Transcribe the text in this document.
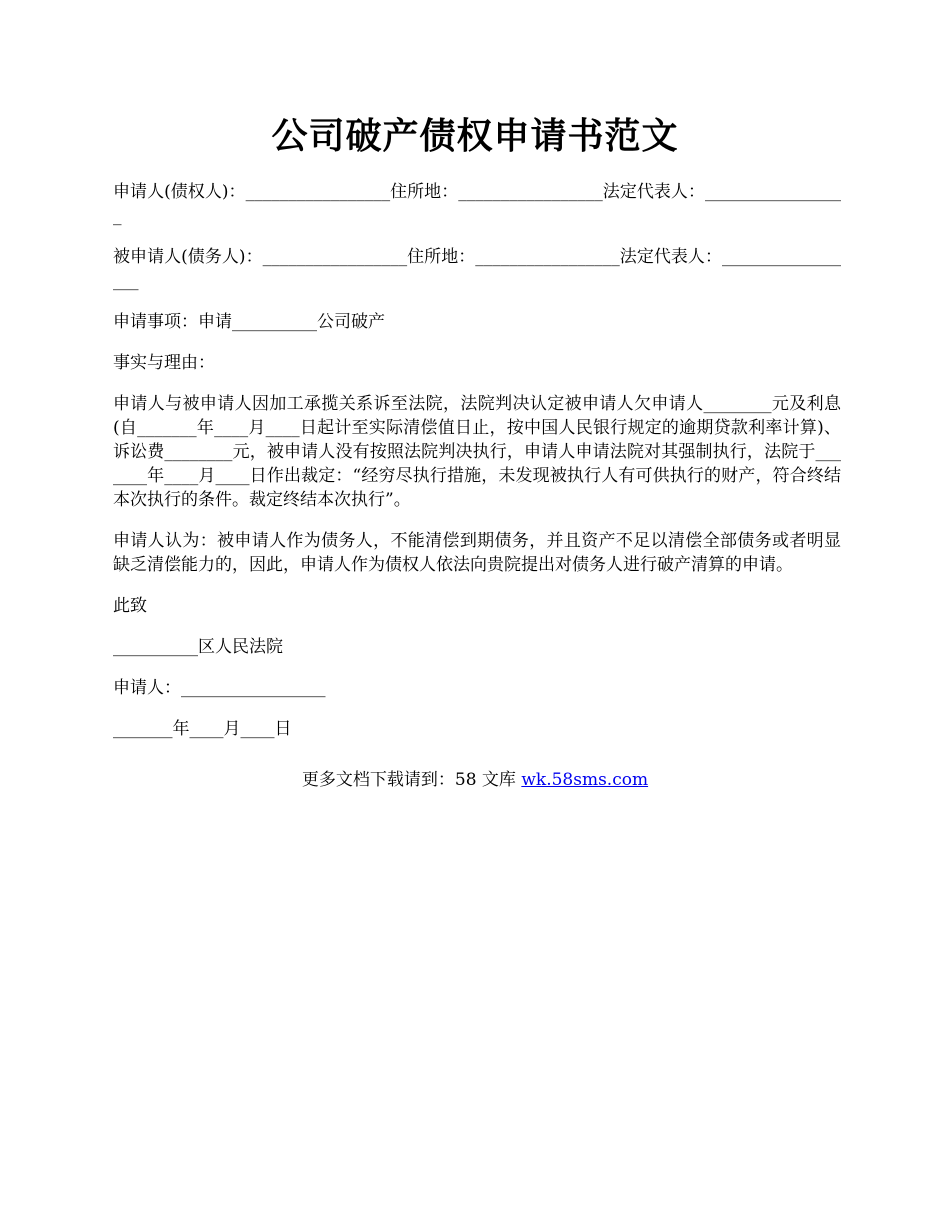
公司破产债权申请书范文

申请人(债权人)：_________________住所地：_________________法定代表人：_________________

被申请人(债务人)：_________________住所地：_________________法定代表人：_________________

申请事项：申请__________公司破产

事实与理由：

申请人与被申请人因加工承揽关系诉至法院，法院判决认定被申请人欠申请人________元及利息(自_______年____月____日起计至实际清偿值日止，按中国人民银行规定的逾期贷款利率计算)、诉讼费________元，被申请人没有按照法院判决执行，申请人申请法院对其强制执行，法院于_______年____月____日作出裁定：“经穷尽执行措施，未发现被执行人有可供执行的财产，符合终结本次执行的条件。裁定终结本次执行”。

申请人认为：被申请人作为债务人，不能清偿到期债务，并且资产不足以清偿全部债务或者明显缺乏清偿能力的，因此，申请人作为债权人依法向贵院提出对债务人进行破产清算的申请。

此致

__________区人民法院

申请人：_________________

_______年____月____日

更多文档下载请到：58 文库 wk.58sms.com
